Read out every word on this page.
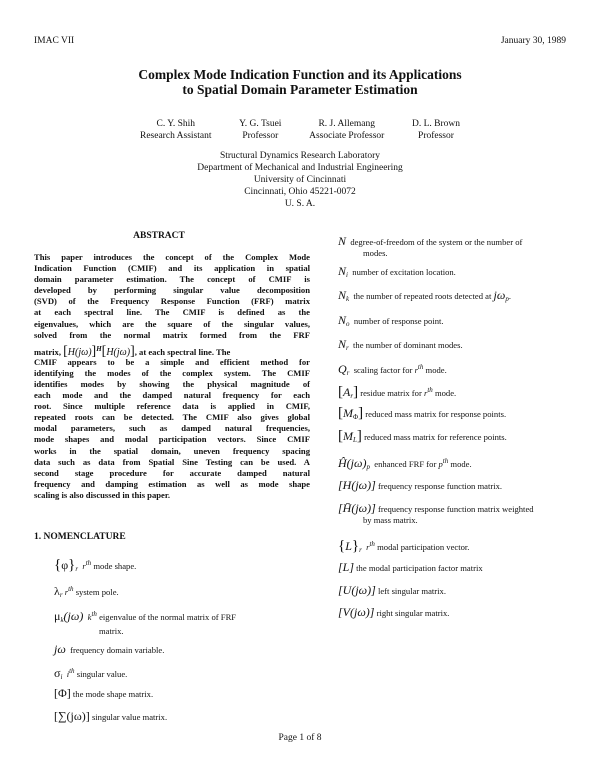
IMAC VII	January 30, 1989
Complex Mode Indication Function and its Applications
to Spatial Domain Parameter Estimation
C. Y. Shih
Research Assistant
Y. G. Tsuei
Professor
R. J. Allemang
Associate Professor
D. L. Brown
Professor
Structural Dynamics Research Laboratory
Department of Mechanical and Industrial Engineering
University of Cincinnati
Cincinnati, Ohio 45221-0072
U. S. A.
ABSTRACT
This paper introduces the concept of the Complex Mode
Indication Function (CMIF) and its application in spatial
domain parameter estimation. The concept of CMIF is
developed by performing singular value decomposition
(SVD) of the Frequency Response Function (FRF) matrix
at each spectral line. The CMIF is defined as the
eigenvalues, which are the square of the singular values,
solved from the normal matrix formed from the FRF
matrix, $[H(j\omega)]^H[H(j\omega)]$, at each spectral line. The
CMIF appears to be a simple and efficient method for
identifying the modes of the complex system. The CMIF
identifies modes by showing the physical magnitude of
each mode and the damped natural frequency for each
root. Since multiple reference data is applied in CMIF,
repeated roots can be detected. The CMIF also gives global
modal parameters, such as damped natural frequencies,
mode shapes and modal participation vectors. Since CMIF
works in the spatial domain, uneven frequency spacing
data such as data from Spatial Sine Testing can be used. A
second stage procedure for accurate damped natural
frequency and damping estimation as well as mode shape
scaling is also discussed in this paper.
1. NOMENCLATURE
$\{\varphi\}_r$ $r^{th}$ mode shape.
$\lambda_r$ $r^{th}$ system pole.
$\mu_k(j\omega)$ $k^{th}$ eigenvalue of the normal matrix of FRF
matrix.
jω frequency domain variable.
$\sigma_i$ $i^{th}$ singular value.
[Φ] the mode shape matrix.
[∑(jω)] singular value matrix.
N degree-of-freedom of the system or the number of
modes.
$N_i$ number of excitation location.
$N_k$ the number of repeated roots detected at $j\omega_p$.
$N_o$ number of response point.
$N_r$ the number of dominant modes.
$Q_r$ scaling factor for $r^{th}$ mode.
$[A_r]$ residue matrix for $r^{th}$ mode.
$[M_\Phi]$ reduced mass matrix for response points.
$[M_L]$ reduced mass matrix for reference points.
$Ĥ(j\omega)_p$ enhanced FRF for $p^{th}$ mode.
[H(jω)] frequency response function matrix.
[H̄(jω)] frequency response function matrix weighted
by mass matrix.
$\{L\}_r$ $r^{th}$ modal participation vector.
[L] the modal participation factor matrix
[U(jω)] left singular matrix.
[V(jω)] right singular matrix.
Page 1 of 8
